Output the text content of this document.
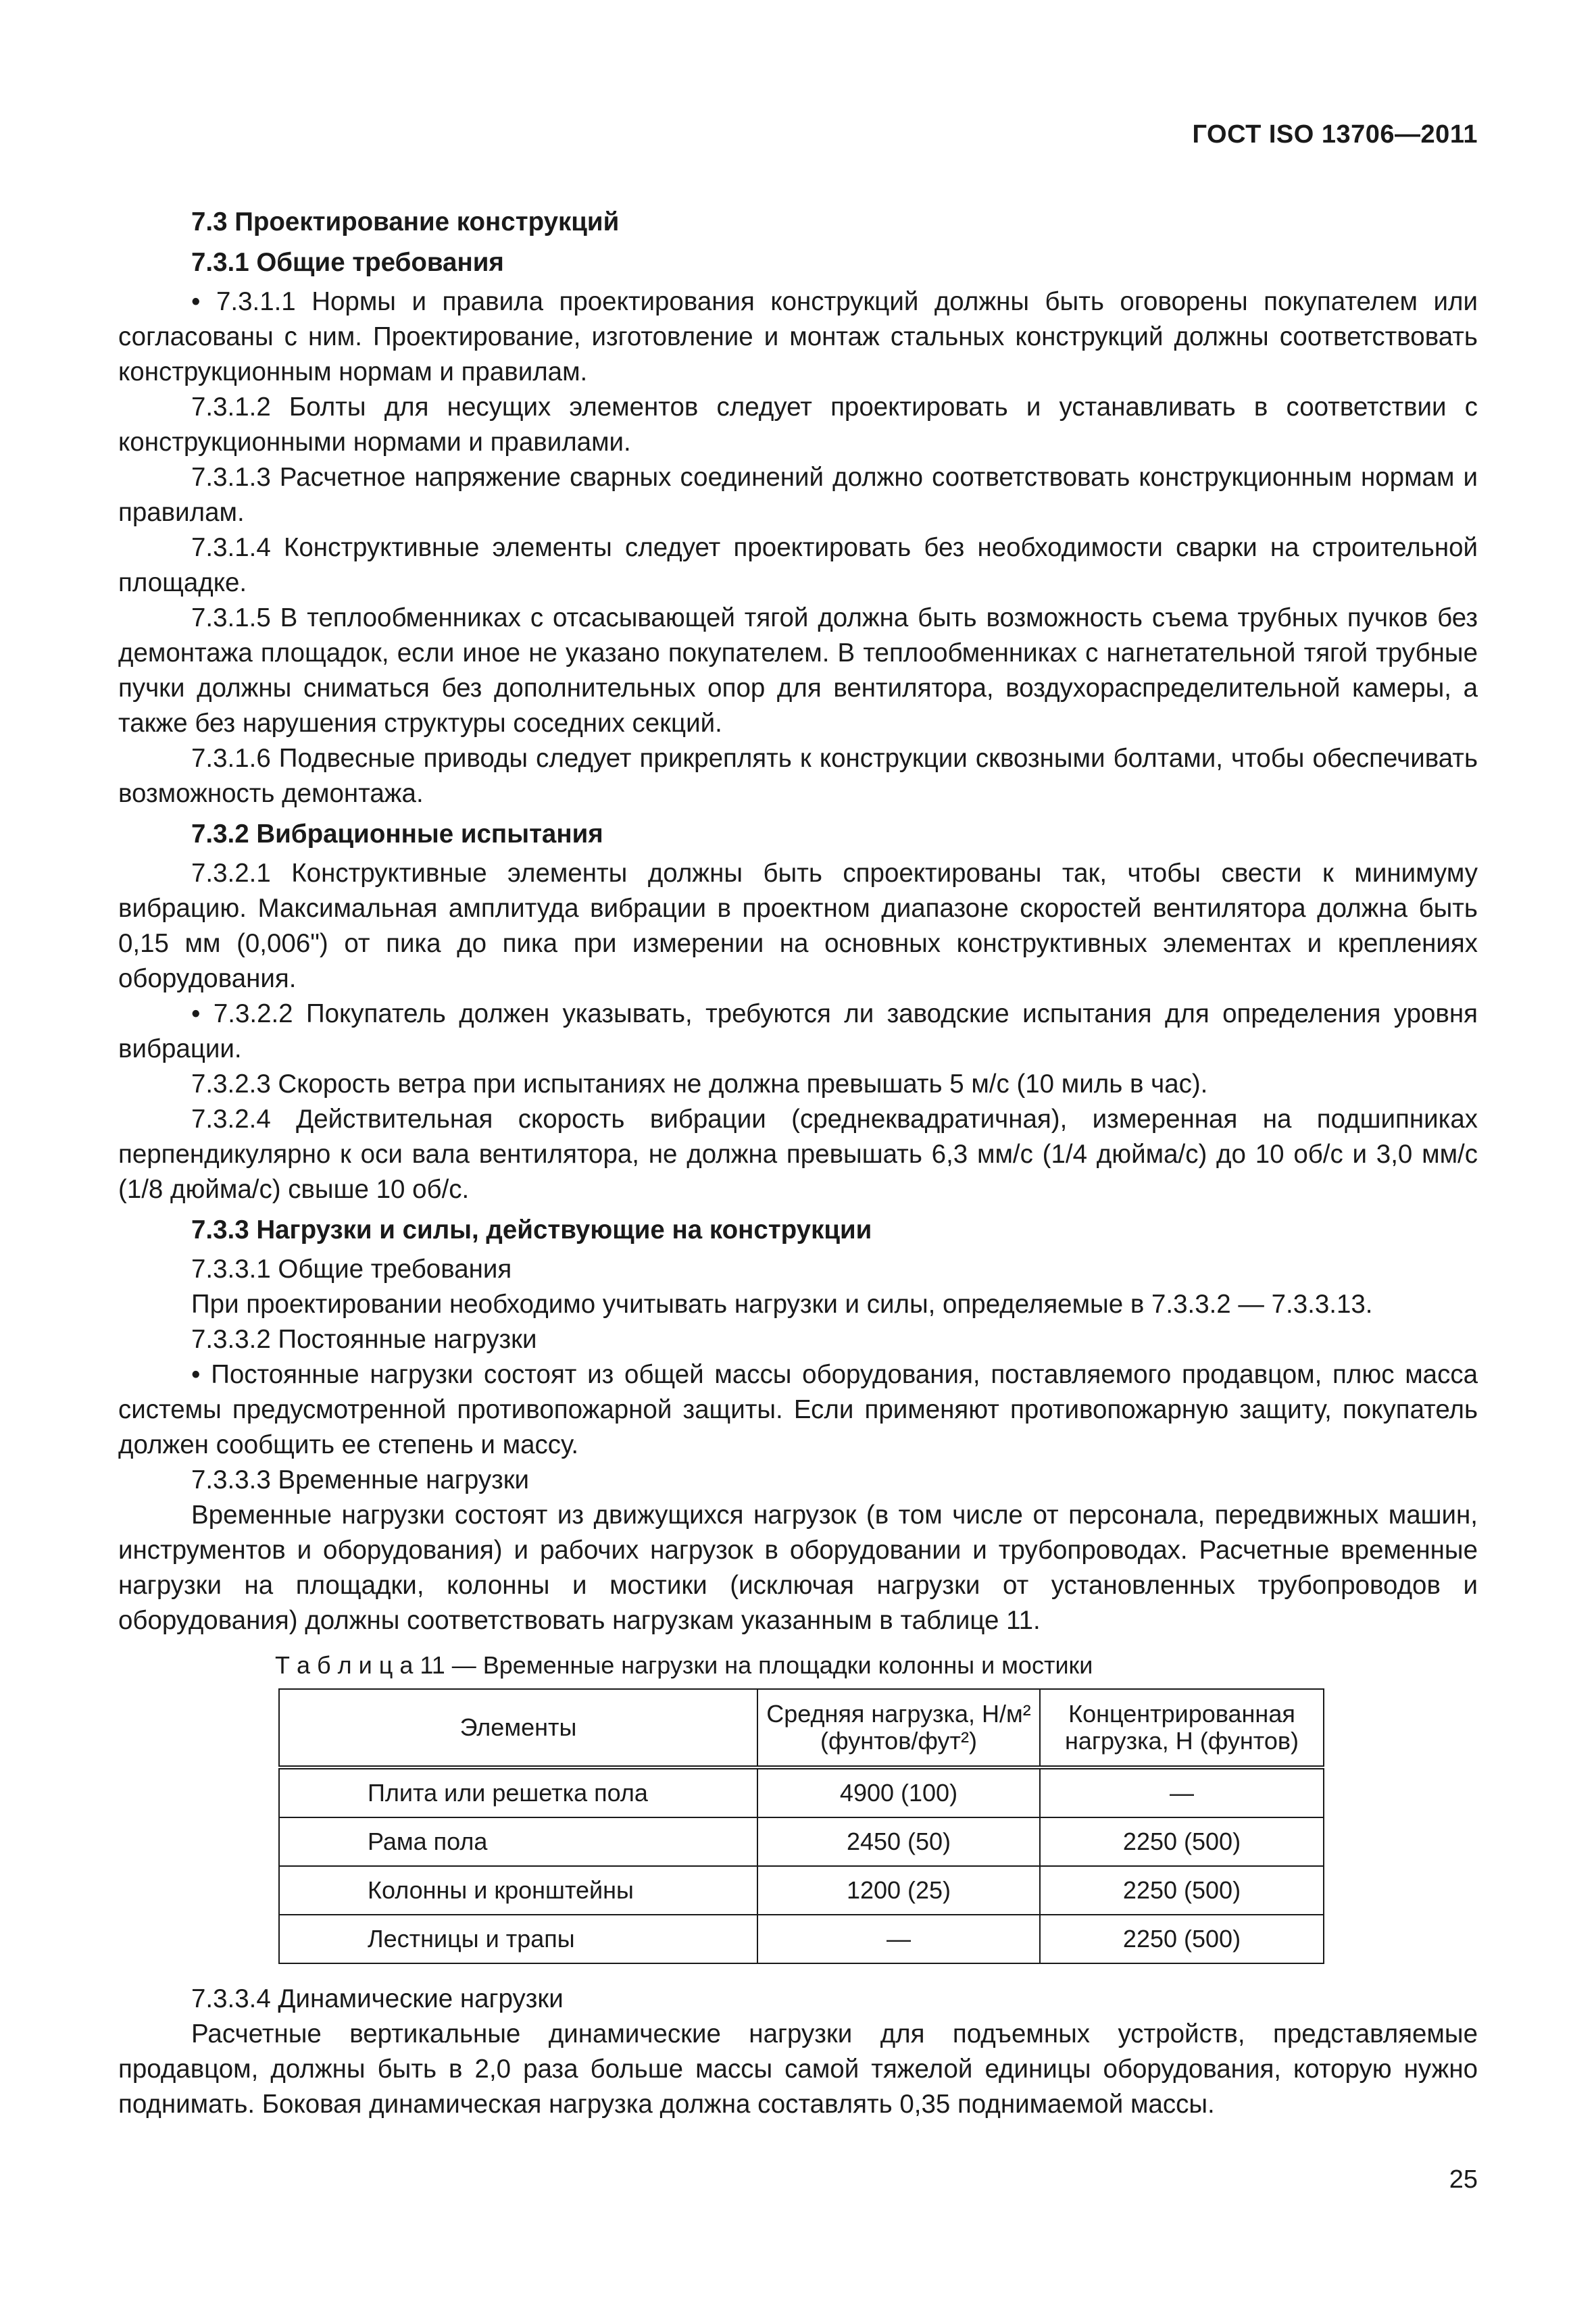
ГОСТ ISO 13706—2011

7.3 Проектирование конструкций

7.3.1 Общие требования

• 7.3.1.1 Нормы и правила проектирования конструкций должны быть оговорены покупателем или согласованы с ним. Проектирование, изготовление и монтаж стальных конструкций должны соответствовать конструкционным нормам и правилам.

7.3.1.2 Болты для несущих элементов следует проектировать и устанавливать в соответствии с конструкционными нормами и правилами.

7.3.1.3 Расчетное напряжение сварных соединений должно соответствовать конструкционным нормам и правилам.

7.3.1.4 Конструктивные элементы следует проектировать без необходимости сварки на строительной площадке.

7.3.1.5 В теплообменниках с отсасывающей тягой должна быть возможность съема трубных пучков без демонтажа площадок, если иное не указано покупателем. В теплообменниках с нагнетательной тягой трубные пучки должны сниматься без дополнительных опор для вентилятора, воздухораспределительной камеры, а также без нарушения структуры соседних секций.

7.3.1.6 Подвесные приводы следует прикреплять к конструкции сквозными болтами, чтобы обеспечивать возможность демонтажа.

7.3.2 Вибрационные испытания

7.3.2.1 Конструктивные элементы должны быть спроектированы так, чтобы свести к минимуму вибрацию. Максимальная амплитуда вибрации в проектном диапазоне скоростей вентилятора должна быть 0,15 мм (0,006") от пика до пика при измерении на основных конструктивных элементах и креплениях оборудования.

• 7.3.2.2 Покупатель должен указывать, требуются ли заводские испытания для определения уровня вибрации.

7.3.2.3 Скорость ветра при испытаниях не должна превышать 5 м/с (10 миль в час).

7.3.2.4 Действительная скорость вибрации (среднеквадратичная), измеренная на подшипниках перпендикулярно к оси вала вентилятора, не должна превышать 6,3 мм/с (1/4 дюйма/с) до 10 об/с и 3,0 мм/с (1/8 дюйма/с) свыше 10 об/с.

7.3.3 Нагрузки и силы, действующие на конструкции

7.3.3.1 Общие требования

При проектировании необходимо учитывать нагрузки и силы, определяемые в 7.3.3.2 — 7.3.3.13.

7.3.3.2 Постоянные нагрузки

• Постоянные нагрузки состоят из общей массы оборудования, поставляемого продавцом, плюс масса системы предусмотренной противопожарной защиты. Если применяют противопожарную защиту, покупатель должен сообщить ее степень и массу.

7.3.3.3 Временные нагрузки

Временные нагрузки состоят из движущихся нагрузок (в том числе от персонала, передвижных машин, инструментов и оборудования) и рабочих нагрузок в оборудовании и трубопроводах. Расчетные временные нагрузки на площадки, колонны и мостики (исключая нагрузки от установленных трубопроводов и оборудования) должны соответствовать нагрузкам указанным в таблице 11.

Т а б л и ц а 11 — Временные нагрузки на площадки колонны и мостики

Элементы	Средняя нагрузка, Н/м² (фунтов/фут²)	Концентрированная нагрузка, Н (фунтов)
Плита или решетка пола	4900 (100)	—
Рама пола	2450 (50)	2250 (500)
Колонны и кронштейны	1200 (25)	2250 (500)
Лестницы и трапы	—	2250 (500)

7.3.3.4 Динамические нагрузки

Расчетные вертикальные динамические нагрузки для подъемных устройств, представляемые продавцом, должны быть в 2,0 раза больше массы самой тяжелой единицы оборудования, которую нужно поднимать. Боковая динамическая нагрузка должна составлять 0,35 поднимаемой массы.

25
